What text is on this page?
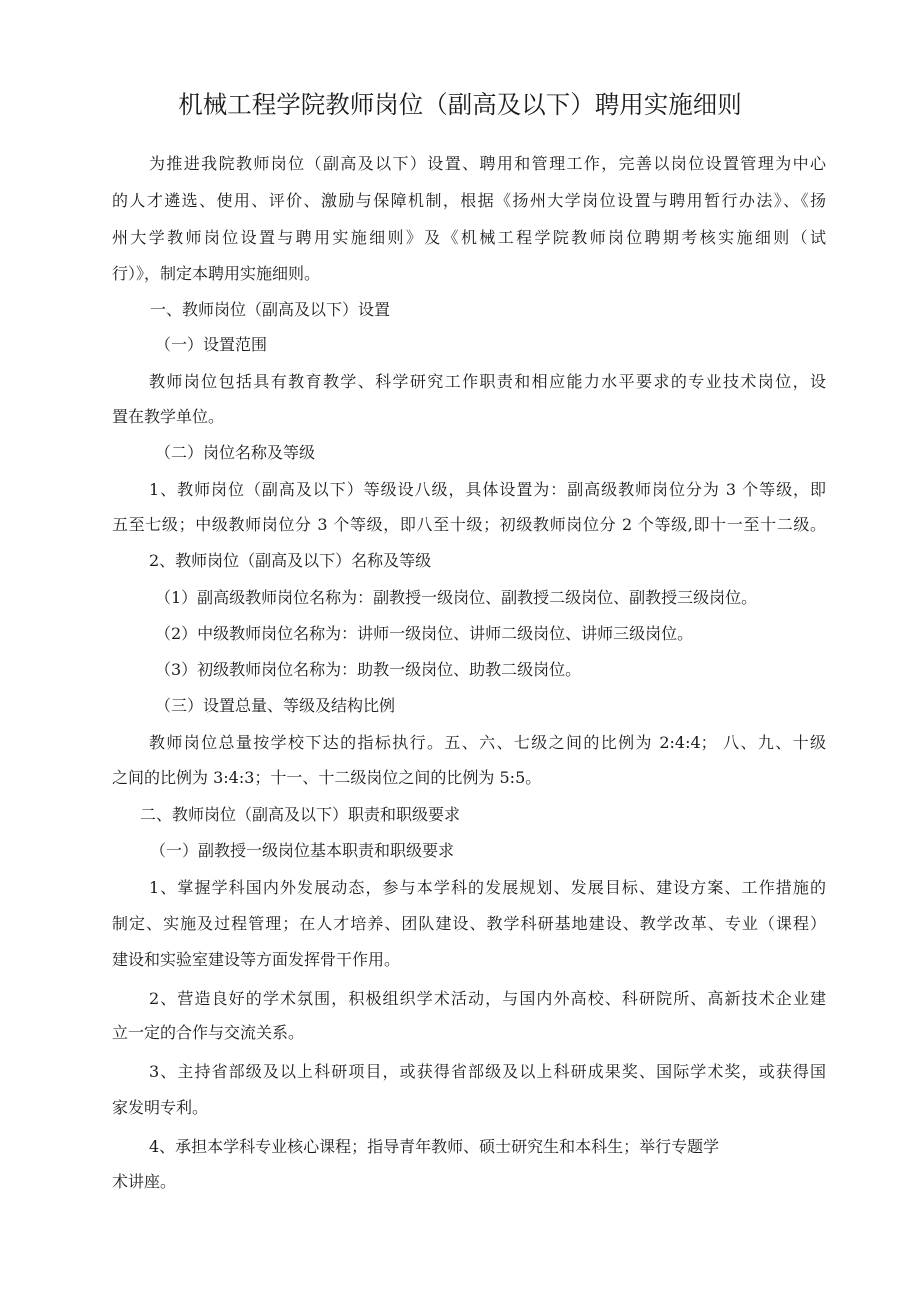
机械工程学院教师岗位（副高及以下）聘用实施细则

为推进我院教师岗位（副高及以下）设置、聘用和管理工作，完善以岗位设置管理为中心

的人才遴选、使用、评价、激励与保障机制，根据《扬州大学岗位设置与聘用暂行办法》、《扬

州大学教师岗位设置与聘用实施细则》及《机械工程学院教师岗位聘期考核实施细则（试

行）》，制定本聘用实施细则。

一、教师岗位（副高及以下）设置

（一）设置范围

教师岗位包括具有教育教学、科学研究工作职责和相应能力水平要求的专业技术岗位，设

置在教学单位。

（二）岗位名称及等级

1、教师岗位（副高及以下）等级设八级，具体设置为：副高级教师岗位分为 3 个等级，即

五至七级；中级教师岗位分 3 个等级，即八至十级；初级教师岗位分 2 个等级,即十一至十二级。

2、教师岗位（副高及以下）名称及等级

（1）副高级教师岗位名称为：副教授一级岗位、副教授二级岗位、副教授三级岗位。

（2）中级教师岗位名称为：讲师一级岗位、讲师二级岗位、讲师三级岗位。

（3）初级教师岗位名称为：助教一级岗位、助教二级岗位。

（三）设置总量、等级及结构比例

教师岗位总量按学校下达的指标执行。五、六、七级之间的比例为 2:4:4； 八、九、十级

之间的比例为 3:4:3；十一、十二级岗位之间的比例为 5:5。

二、教师岗位（副高及以下）职责和职级要求

（一）副教授一级岗位基本职责和职级要求

1、掌握学科国内外发展动态，参与本学科的发展规划、发展目标、建设方案、工作措施的

制定、实施及过程管理；在人才培养、团队建设、教学科研基地建设、教学改革、专业（课程）

建设和实验室建设等方面发挥骨干作用。

2、营造良好的学术氛围，积极组织学术活动，与国内外高校、科研院所、高新技术企业建

立一定的合作与交流关系。

3、主持省部级及以上科研项目，或获得省部级及以上科研成果奖、国际学术奖，或获得国

家发明专利。

4、承担本学科专业核心课程；指导青年教师、硕士研究生和本科生；举行专题学

术讲座。
